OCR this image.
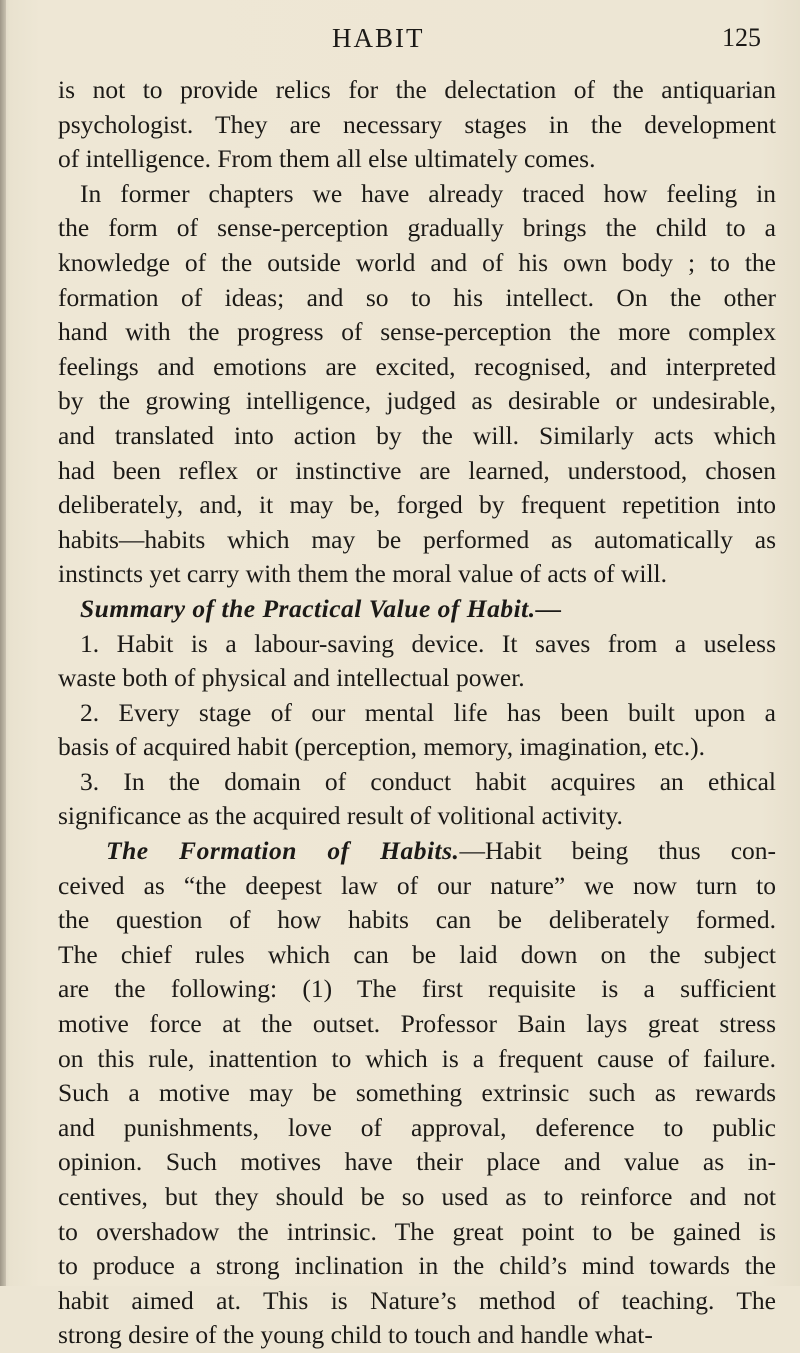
HABIT	125
is not to provide relics for the delectation of the antiquarian
psychologist. They are necessary stages in the development
of intelligence. From them all else ultimately comes.
In former chapters we have already traced how feeling in
the form of sense-perception gradually brings the child to a
knowledge of the outside world and of his own body ; to the
formation of ideas; and so to his intellect. On the other
hand with the progress of sense-perception the more complex
feelings and emotions are excited, recognised, and interpreted
by the growing intelligence, judged as desirable or undesirable,
and translated into action by the will. Similarly acts which
had been reflex or instinctive are learned, understood, chosen
deliberately, and, it may be, forged by frequent repetition into
habits—habits which may be performed as automatically as
instincts yet carry with them the moral value of acts of will.
Summary of the Practical Value of Habit.—
1. Habit is a labour-saving device. It saves from a useless
waste both of physical and intellectual power.
2. Every stage of our mental life has been built upon a
basis of acquired habit (perception, memory, imagination, etc.).
3. In the domain of conduct habit acquires an ethical
significance as the acquired result of volitional activity.
The Formation of Habits.—Habit being thus con-
ceived as “the deepest law of our nature” we now turn to
the question of how habits can be deliberately formed.
The chief rules which can be laid down on the subject
are the following: (1) The first requisite is a sufficient
motive force at the outset. Professor Bain lays great stress
on this rule, inattention to which is a frequent cause of failure.
Such a motive may be something extrinsic such as rewards
and punishments, love of approval, deference to public
opinion. Such motives have their place and value as in-
centives, but they should be so used as to reinforce and not
to overshadow the intrinsic. The great point to be gained is
to produce a strong inclination in the child’s mind towards the
habit aimed at. This is Nature’s method of teaching. The
strong desire of the young child to touch and handle what-
